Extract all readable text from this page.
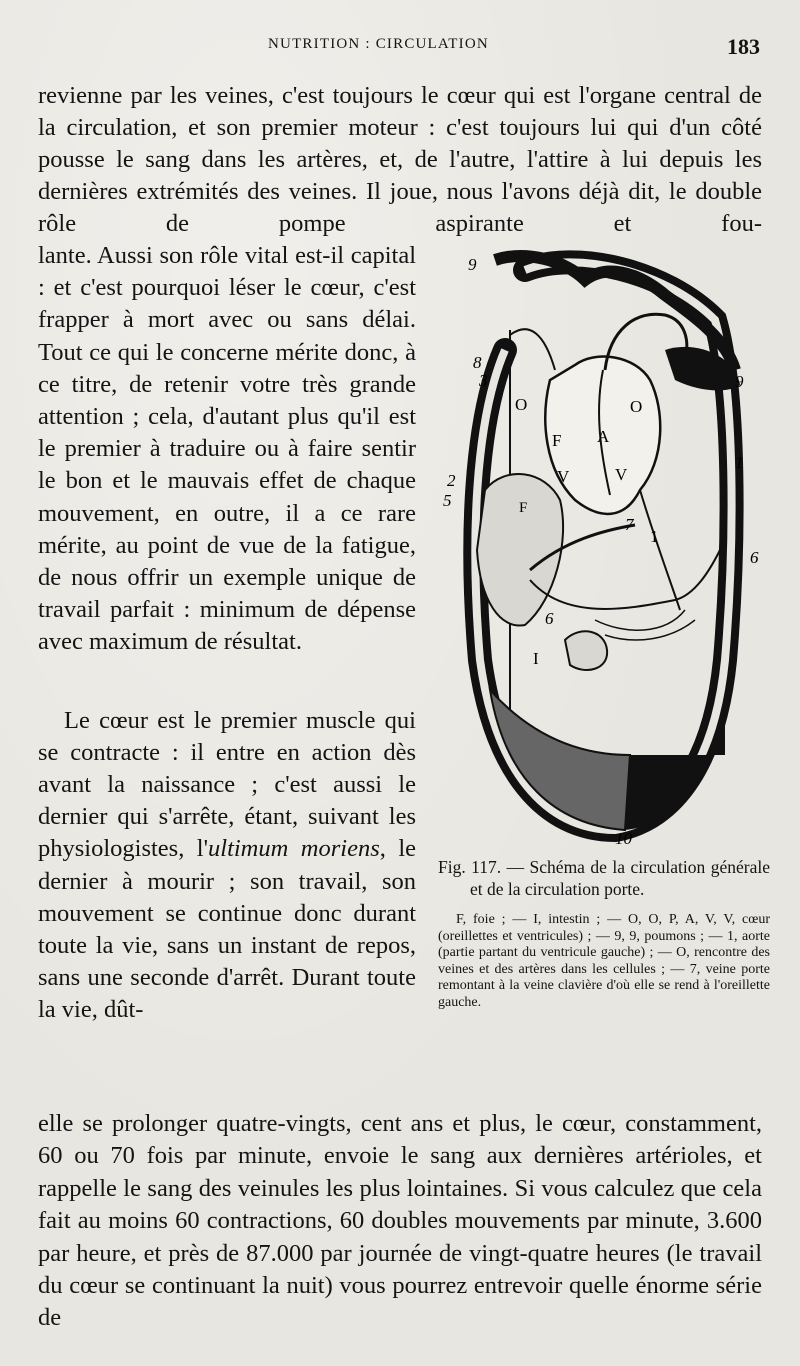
NUTRITION : CIRCULATION	183

revienne par les veines, c'est toujours le cœur qui est l'organe central de la circulation, et son premier moteur : c'est toujours lui qui d'un côté pousse le sang dans les artères, et, de l'autre, l'attire à lui depuis les dernières extrémités des veines. Il joue, nous l'avons déjà dit, le double rôle de pompe aspirante et fou-

lante. Aussi son rôle vital est-il capital : et c'est pourquoi léser le cœur, c'est frapper à mort avec ou sans délai. Tout ce qui le concerne mérite donc, à ce titre, de retenir votre très grande attention ; cela, d'autant plus qu'il est le premier à traduire ou à faire sentir le bon et le mauvais effet de chaque mouvement, en outre, il a ce rare mérite, au point de vue de la fatigue, de nous offrir un exemple unique de travail parfait : minimum de dépense avec maximum de résultat.

Le cœur est le premier muscle qui se contracte : il entre en action dès avant la naissance ; c'est aussi le dernier qui s'arrête, étant, suivant les physiologistes, l'ultimum moriens, le dernier à mourir ; son travail, son mouvement se continue donc durant toute la vie, sans un instant de repos, sans une seconde d'arrêt. Durant toute la vie, dût-

9
9
8
3
2
5
1
7
1
6
6
I
10
O	O
A
F
V	V
F

Fig. 117. — Schéma de la circulation générale et de la circulation porte.

F, foie ; — I, intestin ; — O, O, P, A, V, V, cœur (oreillettes et ventricules) ; — 9, 9, poumons ; — 1, aorte (partie partant du ventricule gauche) ; — O, rencontre des veines et des artères dans les cellules ; — 7, veine porte remontant à la veine clavière d'où elle se rend à l'oreillette gauche.

elle se prolonger quatre-vingts, cent ans et plus, le cœur, constamment, 60 ou 70 fois par minute, envoie le sang aux dernières artérioles, et rappelle le sang des veinules les plus lointaines. Si vous calculez que cela fait au moins 60 contractions, 60 doubles mouvements par minute, 3.600 par heure, et près de 87.000 par journée de vingt-quatre heures (le travail du cœur se continuant la nuit) vous pourrez entrevoir quelle énorme série de
